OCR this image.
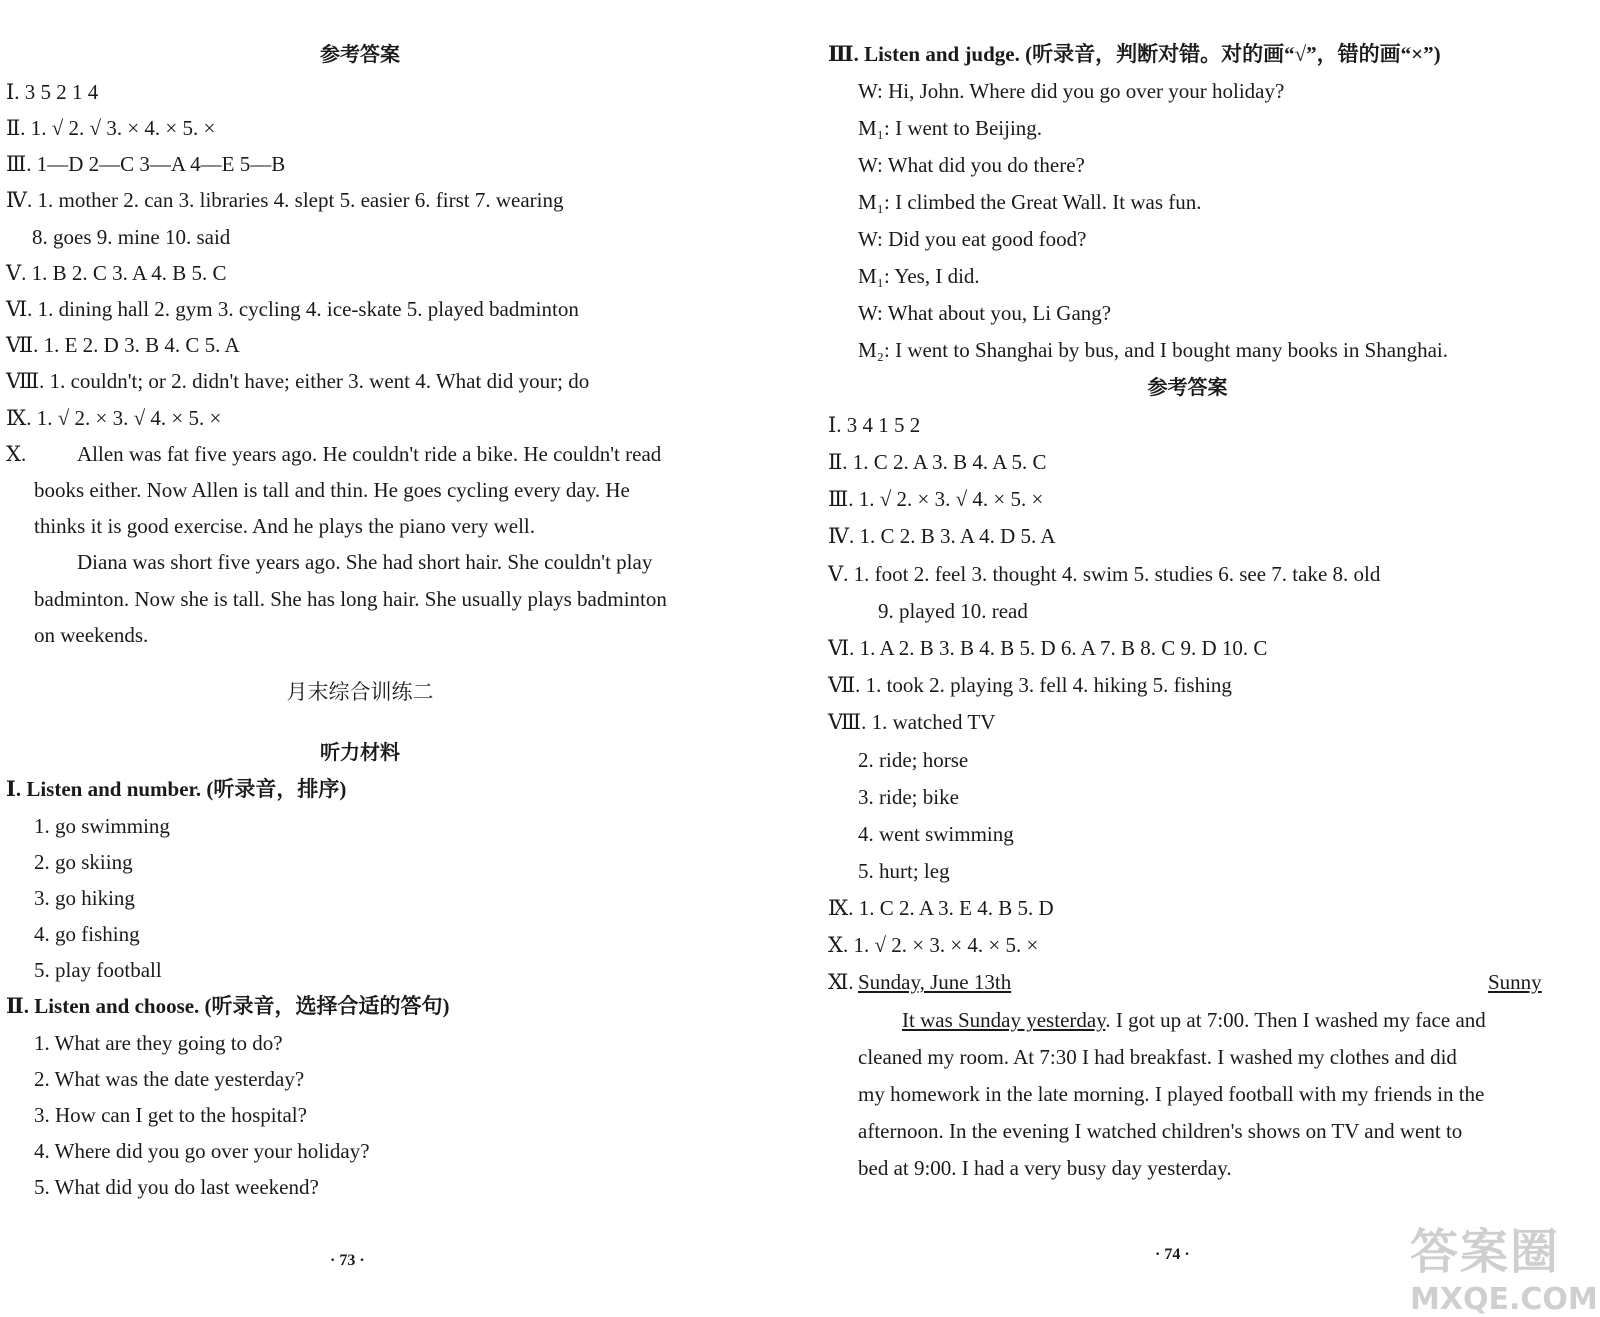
参考答案
Ⅰ. 3 5 2 1 4
Ⅱ. 1. √ 2. √ 3. × 4. × 5. ×
Ⅲ. 1—D 2—C 3—A 4—E 5—B
Ⅳ. 1. mother 2. can 3. libraries 4. slept 5. easier 6. first 7. wearing
8. goes 9. mine 10. said
Ⅴ. 1. B 2. C 3. A 4. B 5. C
Ⅵ. 1. dining hall 2. gym 3. cycling 4. ice-skate 5. played badminton
Ⅶ. 1. E 2. D 3. B 4. C 5. A
Ⅷ. 1. couldn't; or 2. didn't have; either 3. went 4. What did your; do
Ⅸ. 1. √ 2. × 3. √ 4. × 5. ×
Ⅹ. Allen was fat five years ago. He couldn't ride a bike. He couldn't read
books either. Now Allen is tall and thin. He goes cycling every day. He
thinks it is good exercise. And he plays the piano very well.
Diana was short five years ago. She had short hair. She couldn't play
badminton. Now she is tall. She has long hair. She usually plays badminton
on weekends.
月末综合训练二
听力材料
Ⅰ. Listen and number. (听录音，排序)
1. go swimming
2. go skiing
3. go hiking
4. go fishing
5. play football
Ⅱ. Listen and choose. (听录音，选择合适的答句)
1. What are they going to do?
2. What was the date yesterday?
3. How can I get to the hospital?
4. Where did you go over your holiday?
5. What did you do last weekend?
· 73 ·
Ⅲ. Listen and judge. (听录音，判断对错。对的画“√”，错的画“×”)
W: Hi, John. Where did you go over your holiday?
M₁: I went to Beijing.
W: What did you do there?
M₁: I climbed the Great Wall. It was fun.
W: Did you eat good food?
M₁: Yes, I did.
W: What about you, Li Gang?
M₂: I went to Shanghai by bus, and I bought many books in Shanghai.
参考答案
Ⅰ. 3 4 1 5 2
Ⅱ. 1. C 2. A 3. B 4. A 5. C
Ⅲ. 1. √ 2. × 3. √ 4. × 5. ×
Ⅳ. 1. C 2. B 3. A 4. D 5. A
Ⅴ. 1. foot 2. feel 3. thought 4. swim 5. studies 6. see 7. take 8. old
9. played 10. read
Ⅵ. 1. A 2. B 3. B 4. B 5. D 6. A 7. B 8. C 9. D 10. C
Ⅶ. 1. took 2. playing 3. fell 4. hiking 5. fishing
Ⅷ. 1. watched TV
2. ride; horse
3. ride; bike
4. went swimming
5. hurt; leg
Ⅸ. 1. C 2. A 3. E 4. B 5. D
Ⅹ. 1. √ 2. × 3. × 4. × 5. ×
Ⅺ. Sunday, June 13th	Sunny
It was Sunday yesterday. I got up at 7:00. Then I washed my face and
cleaned my room. At 7:30 I had breakfast. I washed my clothes and did
my homework in the late morning. I played football with my friends in the
afternoon. In the evening I watched children's shows on TV and went to
bed at 9:00. I had a very busy day yesterday.
· 74 ·	答案圈
MXQE.COM
